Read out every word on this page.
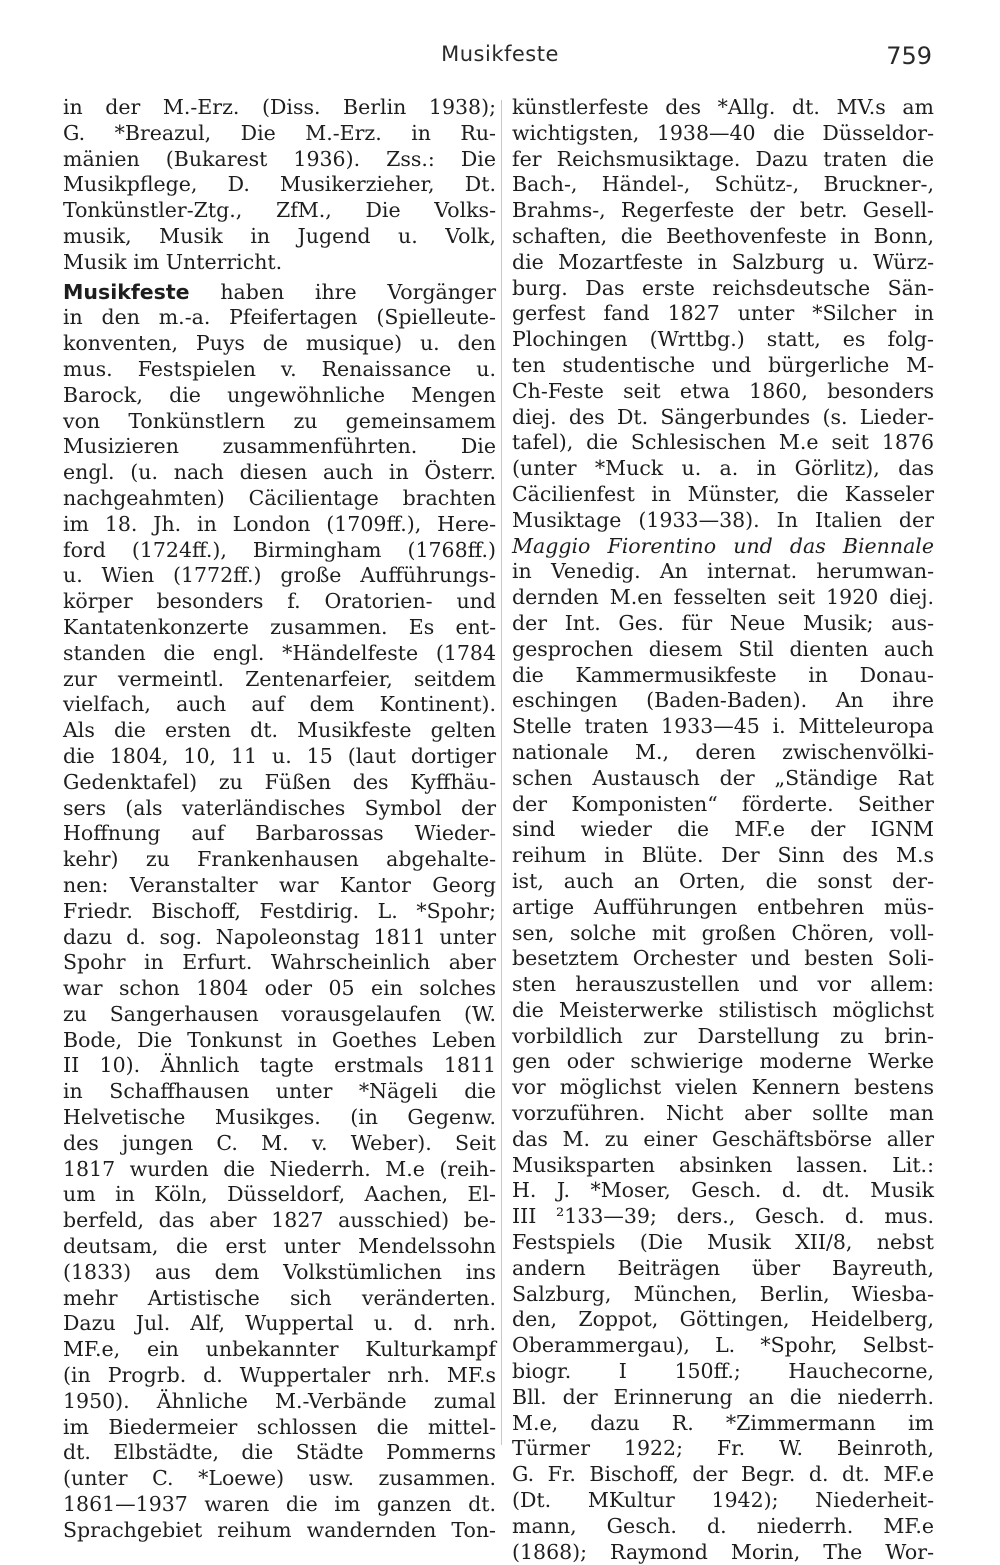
Musikfeste	759
in der M.-Erz. (Diss. Berlin 1938);
G. *Breazul, Die M.-Erz. in Ru-
mänien (Bukarest 1936). Zss.: Die
Musikpflege, D. Musikerzieher, Dt.
Tonkünstler-Ztg., ZfM., Die Volks-
musik, Musik in Jugend u. Volk,
Musik im Unterricht.
Musikfeste haben ihre Vorgänger
in den m.-a. Pfeifertagen (Spielleute-
konventen, Puys de musique) u. den
mus. Festspielen v. Renaissance u.
Barock, die ungewöhnliche Mengen
von Tonkünstlern zu gemeinsamem
Musizieren zusammenführten. Die
engl. (u. nach diesen auch in Österr.
nachgeahmten) Cäcilientage brachten
im 18. Jh. in London (1709ff.), Here-
ford (1724ff.), Birmingham (1768ff.)
u. Wien (1772ff.) große Aufführungs-
körper besonders f. Oratorien- und
Kantatenkonzerte zusammen. Es ent-
standen die engl. *Händelfeste (1784
zur vermeintl. Zentenarfeier, seitdem
vielfach, auch auf dem Kontinent).
Als die ersten dt. Musikfeste gelten
die 1804, 10, 11 u. 15 (laut dortiger
Gedenktafel) zu Füßen des Kyffhäu-
sers (als vaterländisches Symbol der
Hoffnung auf Barbarossas Wieder-
kehr) zu Frankenhausen abgehalte-
nen: Veranstalter war Kantor Georg
Friedr. Bischoff, Festdirig. L. *Spohr;
dazu d. sog. Napoleonstag 1811 unter
Spohr in Erfurt. Wahrscheinlich aber
war schon 1804 oder 05 ein solches
zu Sangerhausen vorausgelaufen (W.
Bode, Die Tonkunst in Goethes Leben
II 10). Ähnlich tagte erstmals 1811
in Schaffhausen unter *Nägeli die
Helvetische Musikges. (in Gegenw.
des jungen C. M. v. Weber). Seit
1817 wurden die Niederrh. M.e (reih-
um in Köln, Düsseldorf, Aachen, El-
berfeld, das aber 1827 ausschied) be-
deutsam, die erst unter Mendelssohn
(1833) aus dem Volkstümlichen ins
mehr Artistische sich veränderten.
Dazu Jul. Alf, Wuppertal u. d. nrh.
MF.e, ein unbekannter Kulturkampf
(in Progrb. d. Wuppertaler nrh. MF.s
1950). Ähnliche M.-Verbände zumal
im Biedermeier schlossen die mittel-
dt. Elbstädte, die Städte Pommerns
(unter C. *Loewe) usw. zusammen.
1861—1937 waren die im ganzen dt.
Sprachgebiet reihum wandernden Ton-
künstlerfeste des *Allg. dt. MV.s am
wichtigsten, 1938—40 die Düsseldor-
fer Reichsmusiktage. Dazu traten die
Bach-, Händel-, Schütz-, Bruckner-,
Brahms-, Regerfeste der betr. Gesell-
schaften, die Beethovenfeste in Bonn,
die Mozartfeste in Salzburg u. Würz-
burg. Das erste reichsdeutsche Sän-
gerfest fand 1827 unter *Silcher in
Plochingen (Wrttbg.) statt, es folg-
ten studentische und bürgerliche M-
Ch-Feste seit etwa 1860, besonders
diej. des Dt. Sängerbundes (s. Lieder-
tafel), die Schlesischen M.e seit 1876
(unter *Muck u. a. in Görlitz), das
Cäcilienfest in Münster, die Kasseler
Musiktage (1933—38). In Italien der
Maggio Fiorentino und das Biennale
in Venedig. An internat. herumwan-
dernden M.en fesselten seit 1920 diej.
der Int. Ges. für Neue Musik; aus-
gesprochen diesem Stil dienten auch
die Kammermusikfeste in Donau-
eschingen (Baden-Baden). An ihre
Stelle traten 1933—45 i. Mitteleuropa
nationale M., deren zwischenvölki-
schen Austausch der „Ständige Rat
der Komponisten“ förderte. Seither
sind wieder die MF.e der IGNM
reihum in Blüte. Der Sinn des M.s
ist, auch an Orten, die sonst der-
artige Aufführungen entbehren müs-
sen, solche mit großen Chören, voll-
besetztem Orchester und besten Soli-
sten herauszustellen und vor allem:
die Meisterwerke stilistisch möglichst
vorbildlich zur Darstellung zu brin-
gen oder schwierige moderne Werke
vor möglichst vielen Kennern bestens
vorzuführen. Nicht aber sollte man
das M. zu einer Geschäftsbörse aller
Musiksparten absinken lassen. Lit.:
H. J. *Moser, Gesch. d. dt. Musik
III ²133—39; ders., Gesch. d. mus.
Festspiels (Die Musik XII/8, nebst
andern Beiträgen über Bayreuth,
Salzburg, München, Berlin, Wiesba-
den, Zoppot, Göttingen, Heidelberg,
Oberammergau), L. *Spohr, Selbst-
biogr. I 150ff.; Hauchecorne,
Bll. der Erinnerung an die niederrh.
M.e, dazu R. *Zimmermann im
Türmer 1922; Fr. W. Beinroth,
G. Fr. Bischoff, der Begr. d. dt. MF.e
(Dt. MKultur 1942); Niederheit-
mann, Gesch. d. niederrh. MF.e
(1868); Raymond Morin, The Wor-
